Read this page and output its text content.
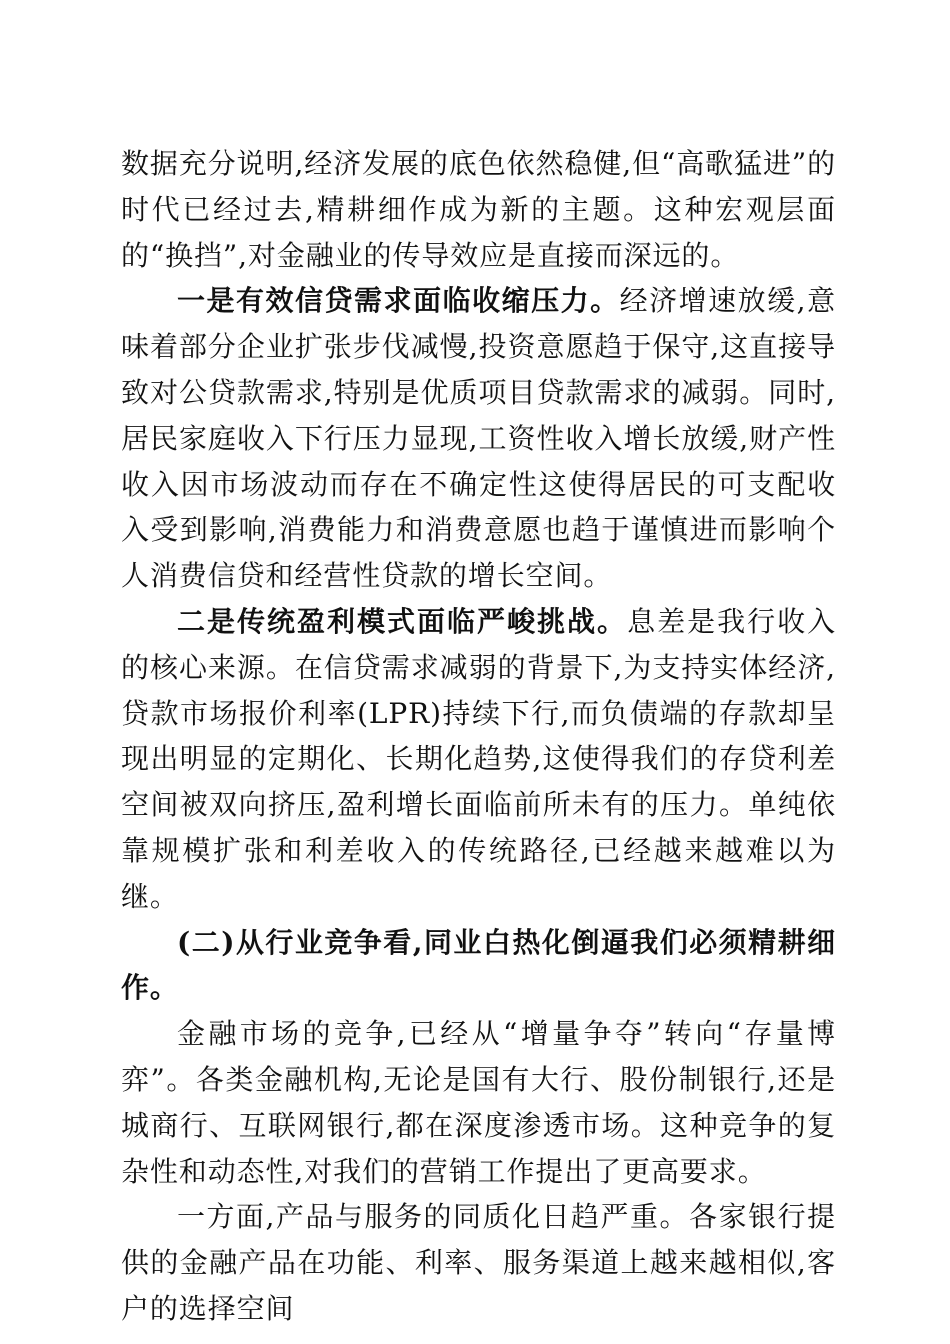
数据充分说明,经济发展的底色依然稳健,但“高歌猛进”的时代已经过去,精耕细作成为新的主题。这种宏观层面的“换挡”,对金融业的传导效应是直接而深远的。

一是有效信贷需求面临收缩压力。经济增速放缓,意味着部分企业扩张步伐减慢,投资意愿趋于保守,这直接导致对公贷款需求,特别是优质项目贷款需求的减弱。同时,居民家庭收入下行压力显现,工资性收入增长放缓,财产性收入因市场波动而存在不确定性这使得居民的可支配收入受到影响,消费能力和消费意愿也趋于谨慎进而影响个人消费信贷和经营性贷款的增长空间。

二是传统盈利模式面临严峻挑战。息差是我行收入的核心来源。在信贷需求减弱的背景下,为支持实体经济,贷款市场报价利率(LPR)持续下行,而负债端的存款却呈现出明显的定期化、长期化趋势,这使得我们的存贷利差空间被双向挤压,盈利增长面临前所未有的压力。单纯依靠规模扩张和利差收入的传统路径,已经越来越难以为继。

(二)从行业竞争看,同业白热化倒逼我们必须精耕细作。

金融市场的竞争,已经从“增量争夺”转向“存量博弈”。各类金融机构,无论是国有大行、股份制银行,还是城商行、互联网银行,都在深度渗透市场。这种竞争的复杂性和动态性,对我们的营销工作提出了更高要求。

一方面,产品与服务的同质化日趋严重。各家银行提供的金融产品在功能、利率、服务渠道上越来越相似,客户的选择空间
